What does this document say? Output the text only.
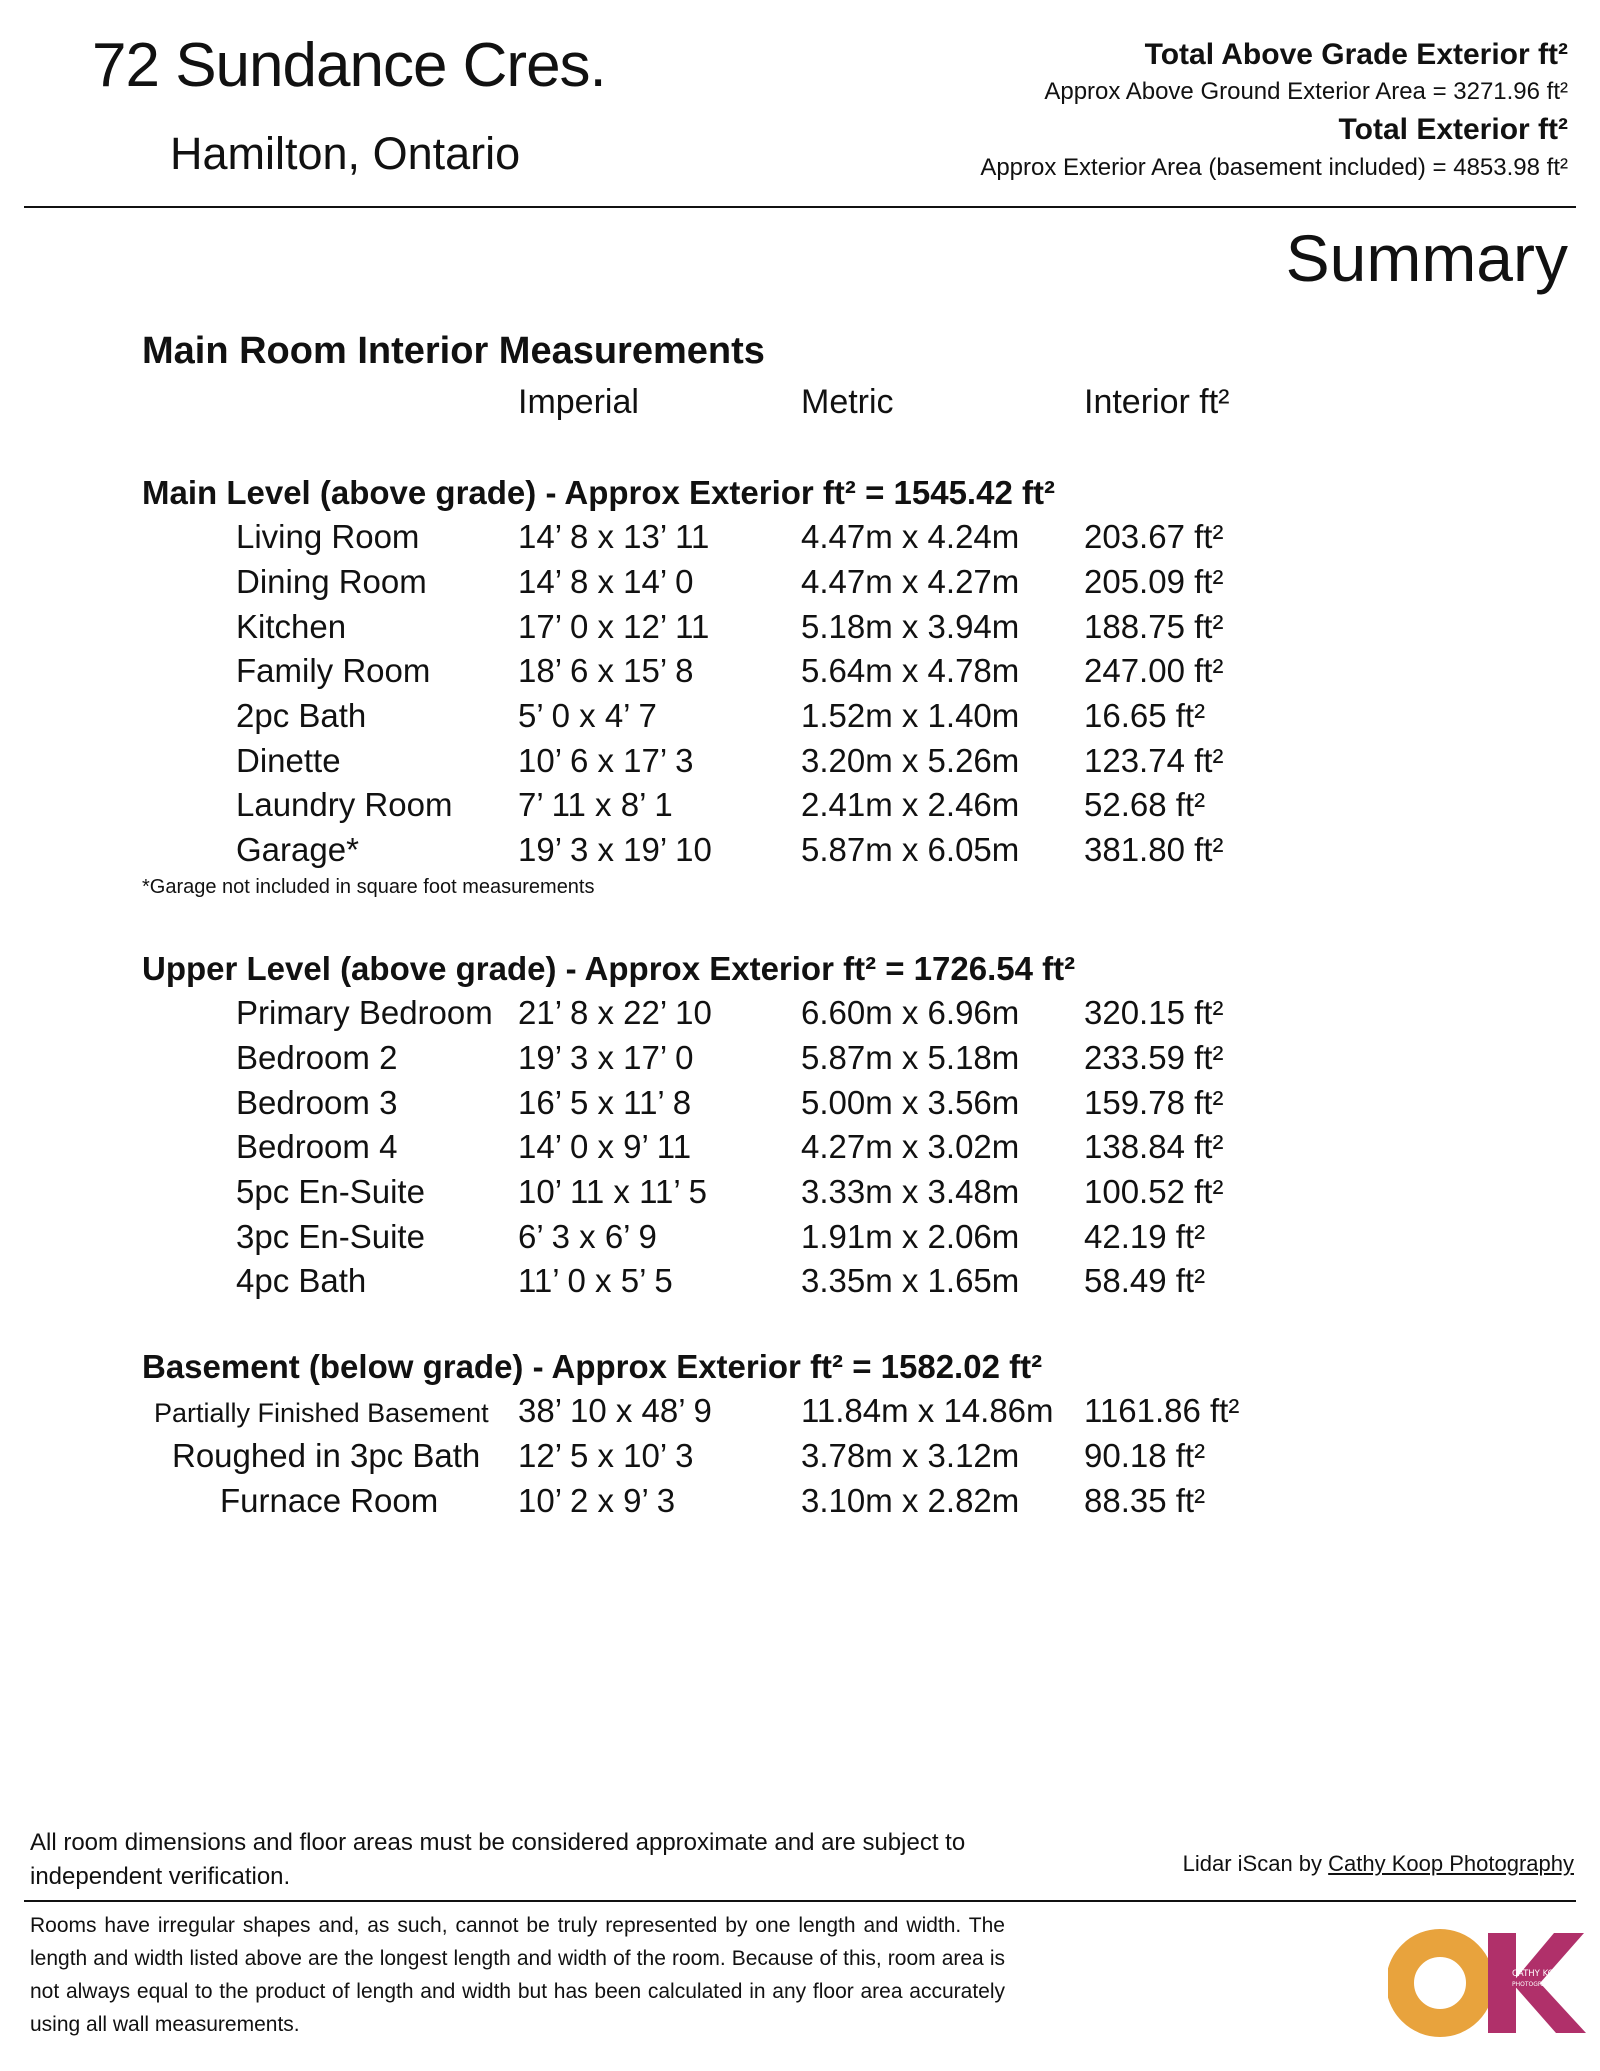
72 Sundance Cres.
Hamilton, Ontario
Total Above Grade Exterior ft²
Approx Above Ground Exterior Area = 3271.96 ft²
Total Exterior ft²
Approx Exterior Area (basement included) = 4853.98 ft²
Summary
Main Room Interior Measurements
Imperial	Metric	Interior ft²
Main Level (above grade) - Approx Exterior ft² = 1545.42 ft²
Living Room	14’ 8 x 13’ 11	4.47m x 4.24m 203.67 ft²
Dining Room	14’ 8 x 14’ 0	4.47m x 4.27m 205.09 ft²
Kitchen	17’ 0 x 12’ 11	5.18m x 3.94m 188.75 ft²
Family Room	18’ 6 x 15’ 8	5.64m x 4.78m 247.00 ft²
2pc Bath	5’ 0 x 4’ 7	1.52m x 1.40m 16.65 ft²
Dinette	10’ 6 x 17’ 3	3.20m x 5.26m 123.74 ft²
Laundry Room 7’ 11 x 8’ 1	2.41m x 2.46m 52.68 ft²
Garage*	19’ 3 x 19’ 10	5.87m x 6.05m 381.80 ft²
*Garage not included in square foot measurements
Upper Level (above grade) - Approx Exterior ft² = 1726.54 ft²
Primary Bedroom 21’ 8 x 22’ 10	6.60m x 6.96m 320.15 ft²
Bedroom 2	19’ 3 x 17’ 0	5.87m x 5.18m 233.59 ft²
Bedroom 3	16’ 5 x 11’ 8	5.00m x 3.56m 159.78 ft²
Bedroom 4	14’ 0 x 9’ 11	4.27m x 3.02m 138.84 ft²
5pc En-Suite	10’ 11 x 11’ 5	3.33m x 3.48m 100.52 ft²
3pc En-Suite	6’ 3 x 6’ 9	1.91m x 2.06m 42.19 ft²
4pc Bath	11’ 0 x 5’ 5	3.35m x 1.65m 58.49 ft²
Basement (below grade) - Approx Exterior ft² = 1582.02 ft²
Partially Finished Basement 38’ 10 x 48’ 9	11.84m x 14.86m 1161.86 ft²
Roughed in 3pc Bath 12’ 5 x 10’ 3	3.78m x 3.12m 90.18 ft²
Furnace Room 10’ 2 x 9’ 3	3.10m x 2.82m 88.35 ft²
All room dimensions and floor areas must be considered approximate and are subject to independent verification.	Lidar iScan by Cathy Koop Photography
Rooms have irregular shapes and, as such, cannot be truly represented by one length and width. The length and width listed above are the longest length and width of the room. Because of this, room area is not always equal to the product of length and width but has been calculated in any floor area accurately using all wall measurements.
CATHY KOOP PHOTOGRAPHY
